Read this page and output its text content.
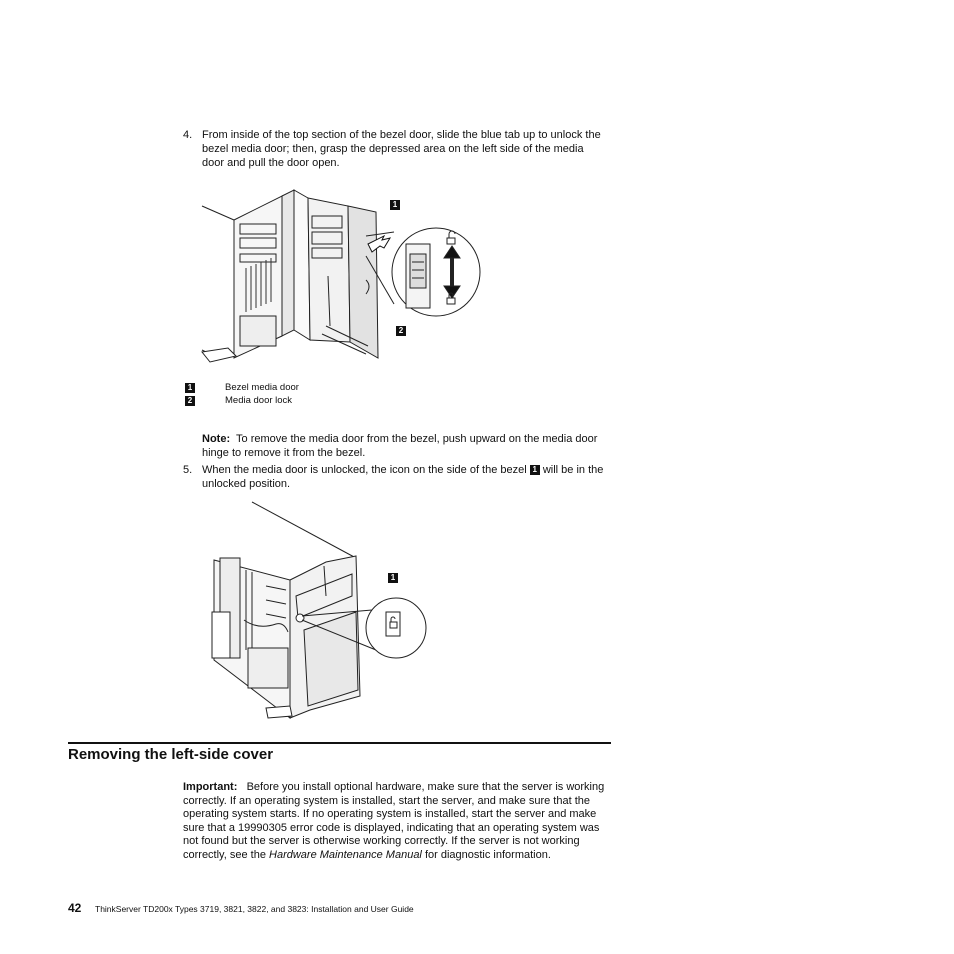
4. From inside of the top section of the bezel door, slide the blue tab up to unlock the bezel media door; then, grasp the depressed area on the left side of the media door and pull the door open.
1
2
1	Bezel media door
2	Media door lock
Note: To remove the media door from the bezel, push upward on the media door hinge to remove it from the bezel.
5. When the media door is unlocked, the icon on the side of the bezel 1 will be in the unlocked position.
1
Removing the left-side cover
Important: Before you install optional hardware, make sure that the server is working correctly. If an operating system is installed, start the server, and make sure that the operating system starts. If no operating system is installed, start the server and make sure that a 19990305 error code is displayed, indicating that an operating system was not found but the server is otherwise working correctly. If the server is not working correctly, see the Hardware Maintenance Manual for diagnostic information.
42 ThinkServer TD200x Types 3719, 3821, 3822, and 3823: Installation and User Guide
